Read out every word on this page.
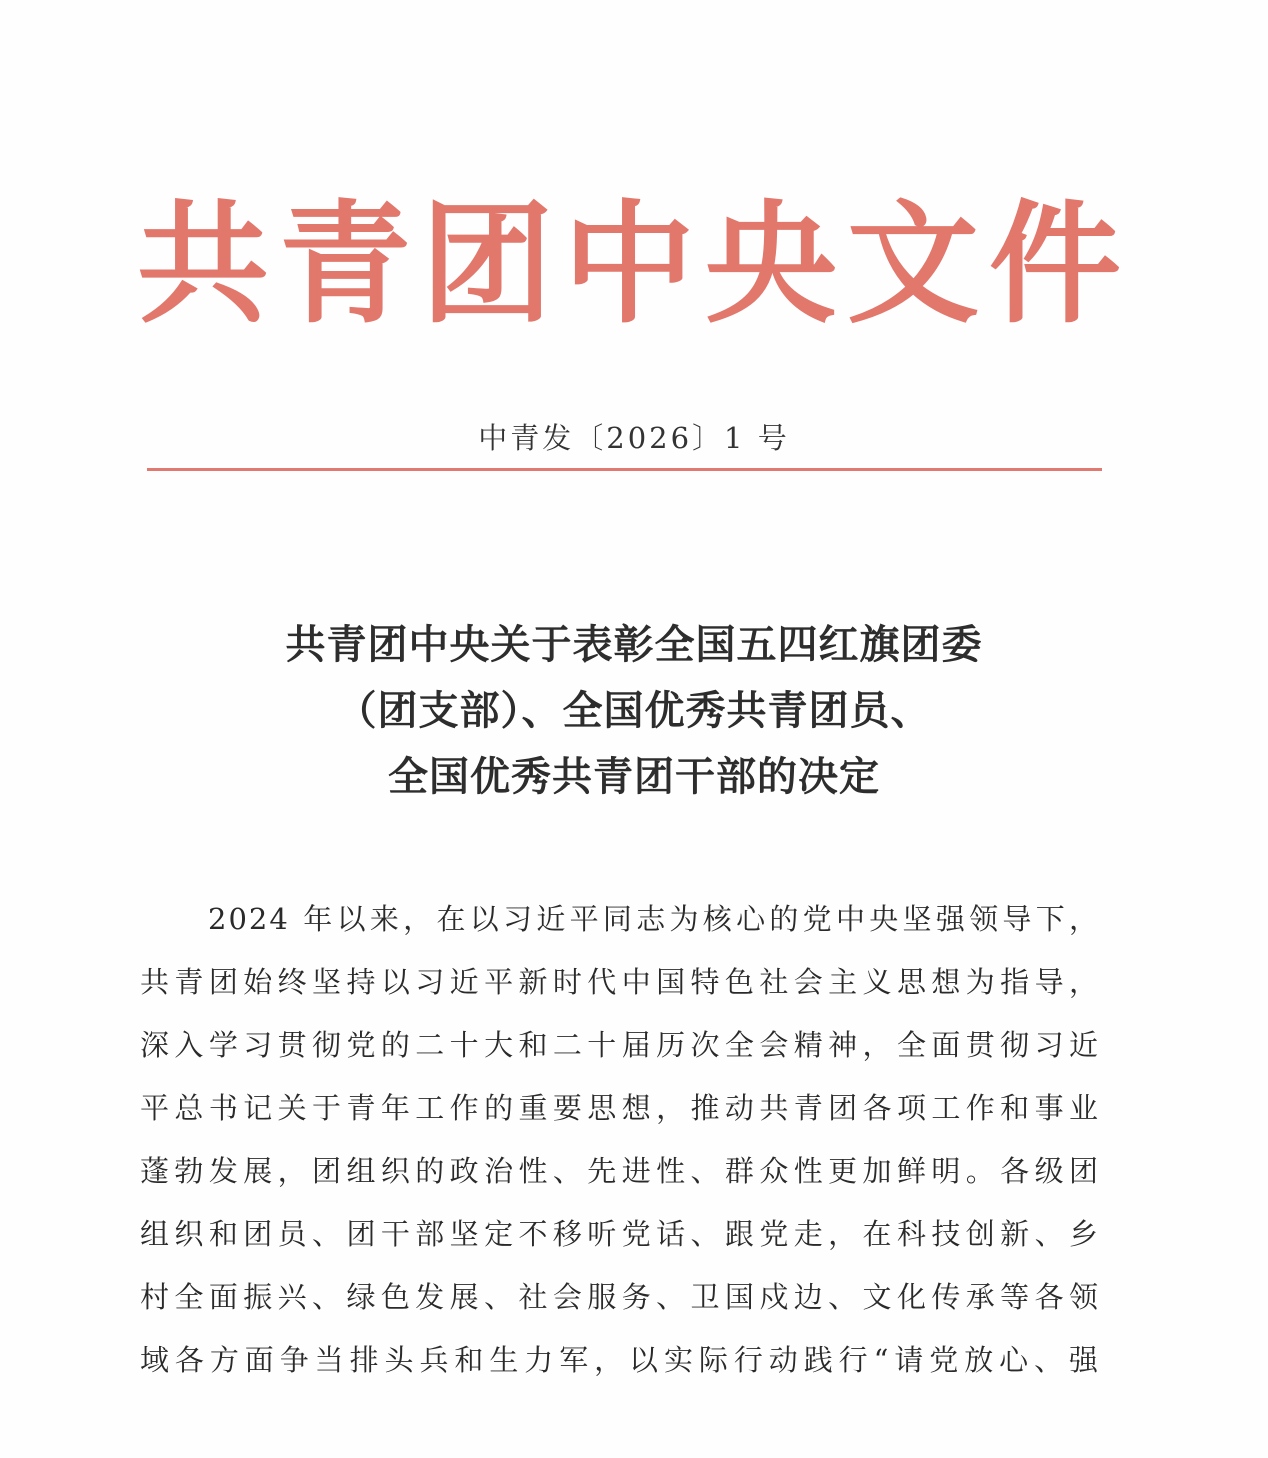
共青团中央文件
中青发〔2026〕1 号
共青团中央关于表彰全国五四红旗团委
（团支部）、全国优秀共青团员、
全国优秀共青团干部的决定
2024 年以来，在以习近平同志为核心的党中央坚强领导下，
共青团始终坚持以习近平新时代中国特色社会主义思想为指导，
深入学习贯彻党的二十大和二十届历次全会精神，全面贯彻习近
平总书记关于青年工作的重要思想，推动共青团各项工作和事业
蓬勃发展，团组织的政治性、先进性、群众性更加鲜明。各级团
组织和团员、团干部坚定不移听党话、跟党走，在科技创新、乡
村全面振兴、绿色发展、社会服务、卫国戍边、文化传承等各领
域各方面争当排头兵和生力军，以实际行动践行“请党放心、强
